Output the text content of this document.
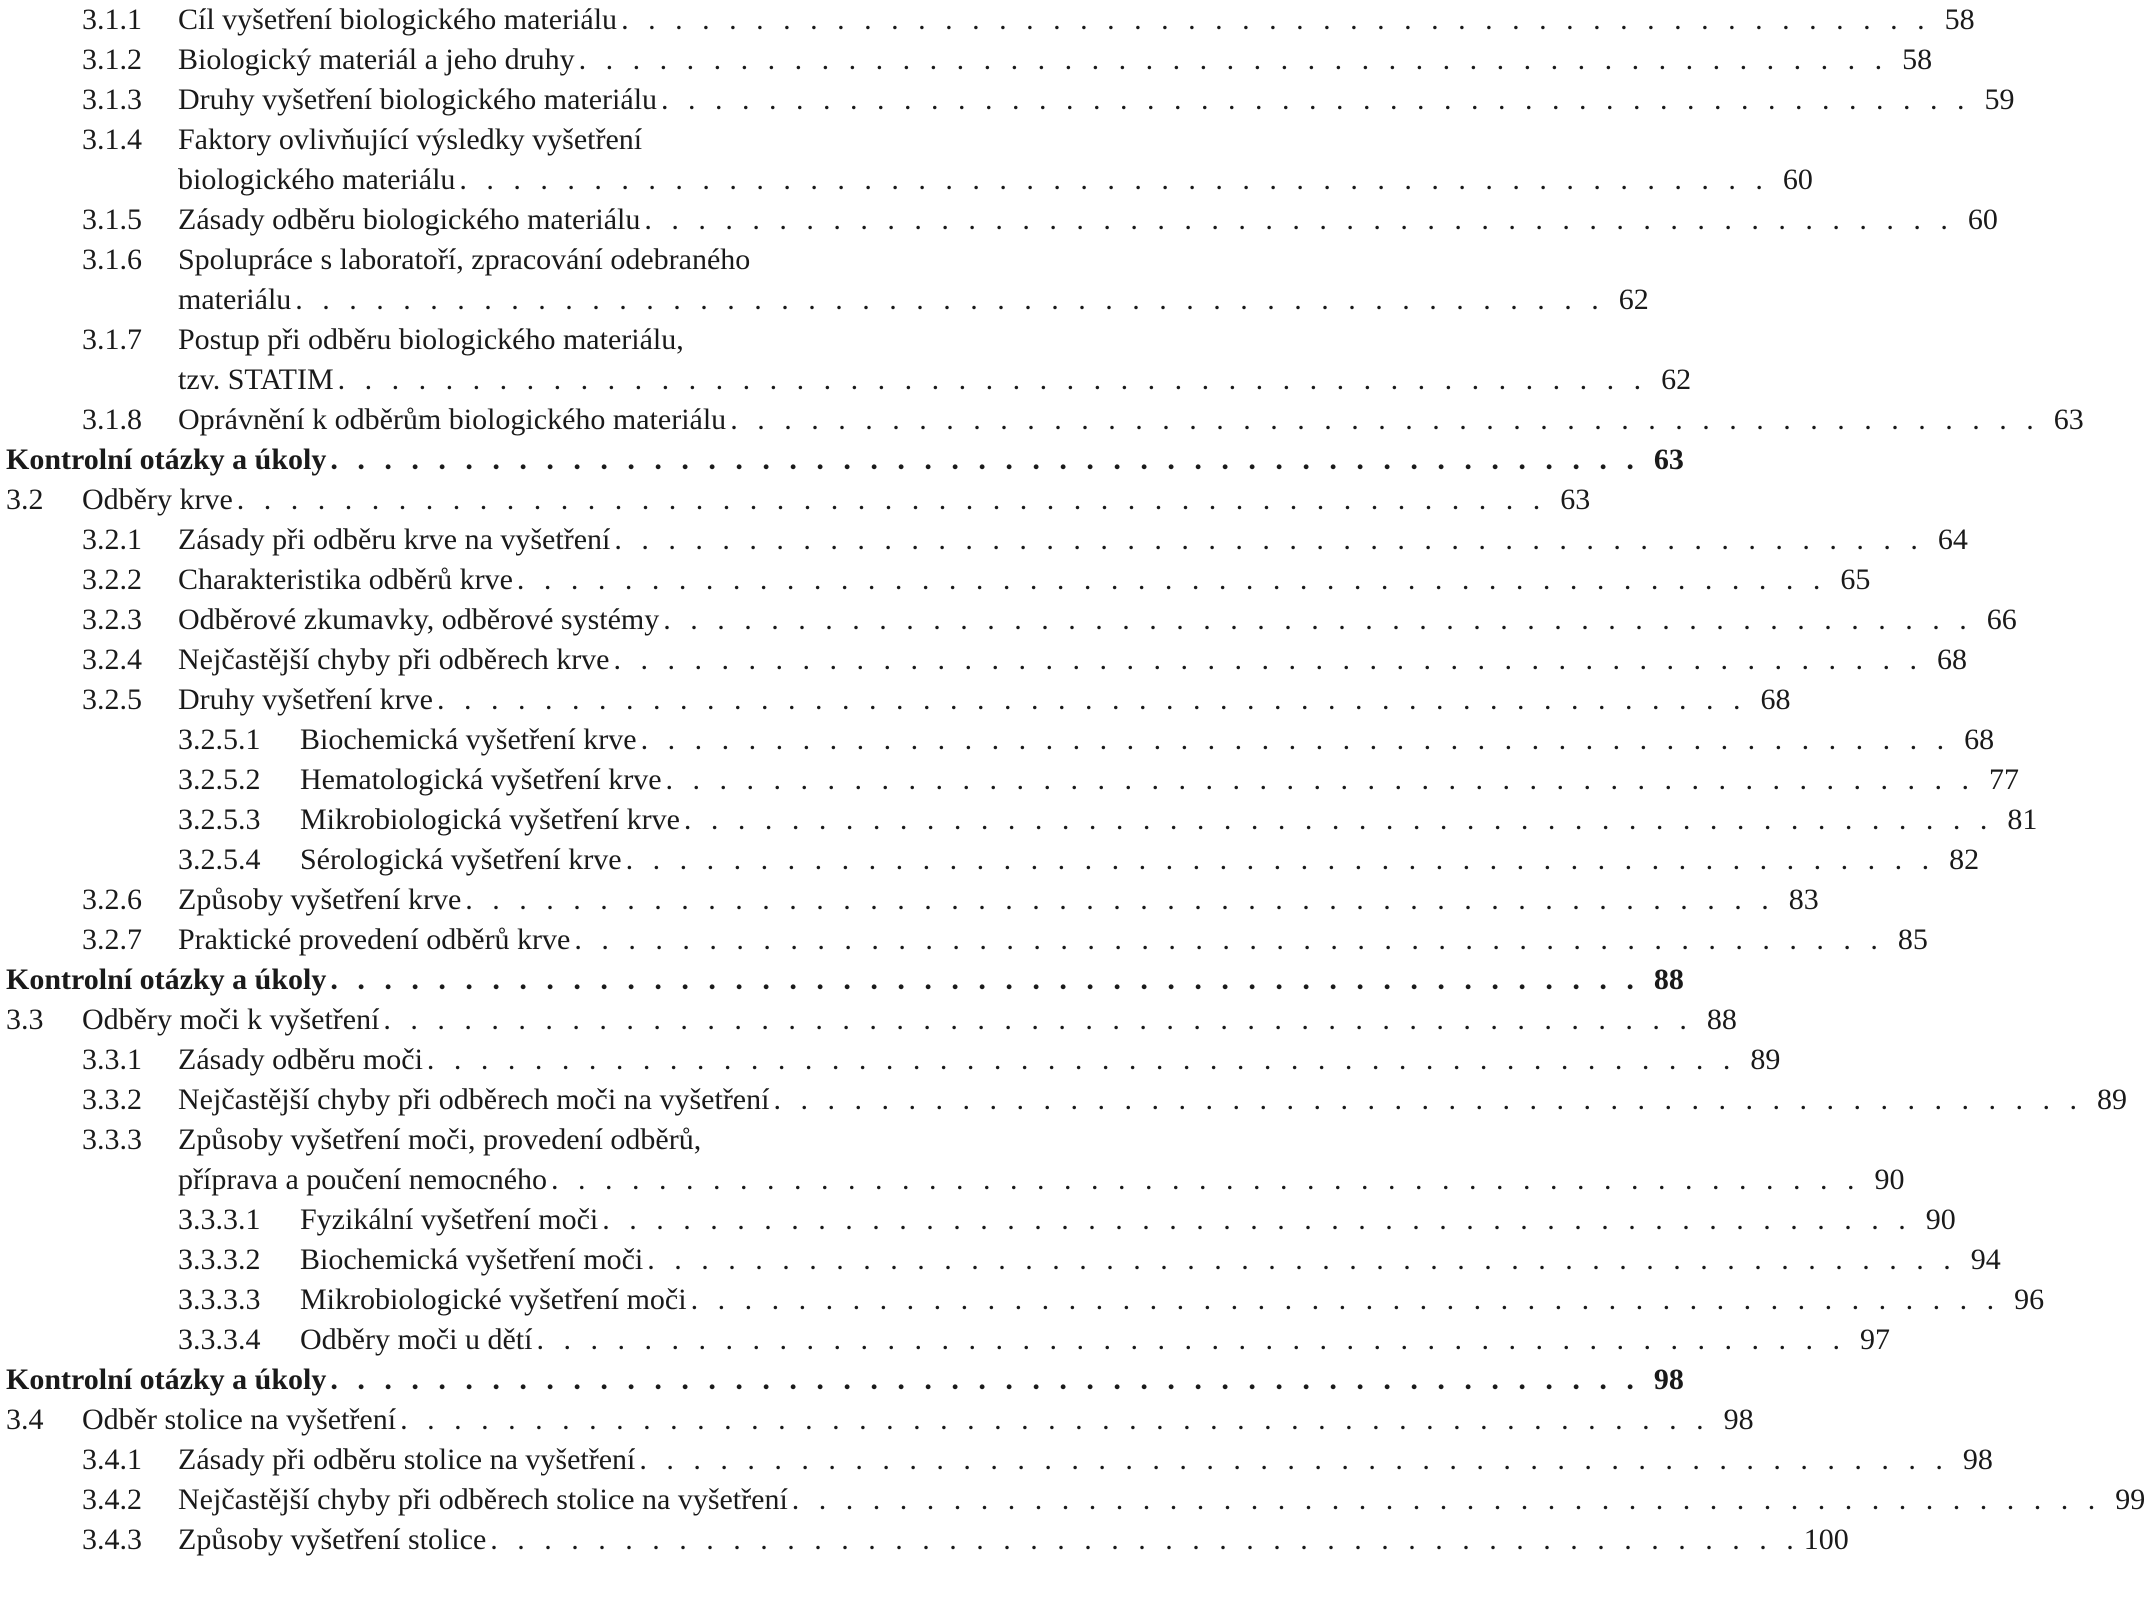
3.1.1 Cíl vyšetření biologického materiálu . . . . . . . . . . . . . . . . . . . . . . . . . . . . . . . . . . . . . . . . . . . . . . . . . 58
3.1.2 Biologický materiál a jeho druhy . . . . . . . . . . . . . . . . . . . . . . . . . . . . . . . . . . . . . . . . . . . . . . . . . 58
3.1.3 Druhy vyšetření biologického materiálu . . . . . . . . . . . . . . . . . . . . . . . . . . . . . . . . . . . . . . . . . . . . . . . . . 59
3.1.4 Faktory ovlivňující výsledky vyšetření
biologického materiálu . . . . . . . . . . . . . . . . . . . . . . . . . . . . . . . . . . . . . . . . . . . . . . . . . 60
3.1.5 Zásady odběru biologického materiálu . . . . . . . . . . . . . . . . . . . . . . . . . . . . . . . . . . . . . . . . . . . . . . . . . 60
3.1.6 Spolupráce s laboratoří, zpracování odebraného
materiálu . . . . . . . . . . . . . . . . . . . . . . . . . . . . . . . . . . . . . . . . . . . . . . . . . 62
3.1.7 Postup při odběru biologického materiálu,
tzv. STATIM . . . . . . . . . . . . . . . . . . . . . . . . . . . . . . . . . . . . . . . . . . . . . . . . . 62
3.1.8 Oprávnění k odběrům biologického materiálu . . . . . . . . . . . . . . . . . . . . . . . . . . . . . . . . . . . . . . . . . . . . . . . . . 63
Kontrolní otázky a úkoly . . . . . . . . . . . . . . . . . . . . . . . . . . . . . . . . . . . . . . . . . . . . . . . . . 63
3.2 Odběry krve . . . . . . . . . . . . . . . . . . . . . . . . . . . . . . . . . . . . . . . . . . . . . . . . . 63
3.2.1 Zásady při odběru krve na vyšetření . . . . . . . . . . . . . . . . . . . . . . . . . . . . . . . . . . . . . . . . . . . . . . . . . 64
3.2.2 Charakteristika odběrů krve . . . . . . . . . . . . . . . . . . . . . . . . . . . . . . . . . . . . . . . . . . . . . . . . . 65
3.2.3 Odběrové zkumavky, odběrové systémy . . . . . . . . . . . . . . . . . . . . . . . . . . . . . . . . . . . . . . . . . . . . . . . . . 66
3.2.4 Nejčastější chyby při odběrech krve . . . . . . . . . . . . . . . . . . . . . . . . . . . . . . . . . . . . . . . . . . . . . . . . . 68
3.2.5 Druhy vyšetření krve . . . . . . . . . . . . . . . . . . . . . . . . . . . . . . . . . . . . . . . . . . . . . . . . . 68
3.2.5.1 Biochemická vyšetření krve . . . . . . . . . . . . . . . . . . . . . . . . . . . . . . . . . . . . . . . . . . . . . . . . . 68
3.2.5.2 Hematologická vyšetření krve . . . . . . . . . . . . . . . . . . . . . . . . . . . . . . . . . . . . . . . . . . . . . . . . . 77
3.2.5.3 Mikrobiologická vyšetření krve . . . . . . . . . . . . . . . . . . . . . . . . . . . . . . . . . . . . . . . . . . . . . . . . . 81
3.2.5.4 Sérologická vyšetření krve . . . . . . . . . . . . . . . . . . . . . . . . . . . . . . . . . . . . . . . . . . . . . . . . . 82
3.2.6 Způsoby vyšetření krve . . . . . . . . . . . . . . . . . . . . . . . . . . . . . . . . . . . . . . . . . . . . . . . . . 83
3.2.7 Praktické provedení odběrů krve . . . . . . . . . . . . . . . . . . . . . . . . . . . . . . . . . . . . . . . . . . . . . . . . . 85
Kontrolní otázky a úkoly . . . . . . . . . . . . . . . . . . . . . . . . . . . . . . . . . . . . . . . . . . . . . . . . . 88
3.3 Odběry moči k vyšetření . . . . . . . . . . . . . . . . . . . . . . . . . . . . . . . . . . . . . . . . . . . . . . . . . 88
3.3.1 Zásady odběru moči . . . . . . . . . . . . . . . . . . . . . . . . . . . . . . . . . . . . . . . . . . . . . . . . . 89
3.3.2 Nejčastější chyby při odběrech moči na vyšetření . . . . . . . . . . . . . . . . . . . . . . . . . . . . . . . . . . . . . . . . . . . . . . . . . 89
3.3.3 Způsoby vyšetření moči, provedení odběrů,
příprava a poučení nemocného . . . . . . . . . . . . . . . . . . . . . . . . . . . . . . . . . . . . . . . . . . . . . . . . . 90
3.3.3.1 Fyzikální vyšetření moči . . . . . . . . . . . . . . . . . . . . . . . . . . . . . . . . . . . . . . . . . . . . . . . . . 90
3.3.3.2 Biochemická vyšetření moči . . . . . . . . . . . . . . . . . . . . . . . . . . . . . . . . . . . . . . . . . . . . . . . . . 94
3.3.3.3 Mikrobiologické vyšetření moči . . . . . . . . . . . . . . . . . . . . . . . . . . . . . . . . . . . . . . . . . . . . . . . . . 96
3.3.3.4 Odběry moči u dětí . . . . . . . . . . . . . . . . . . . . . . . . . . . . . . . . . . . . . . . . . . . . . . . . . 97
Kontrolní otázky a úkoly . . . . . . . . . . . . . . . . . . . . . . . . . . . . . . . . . . . . . . . . . . . . . . . . . 98
3.4 Odběr stolice na vyšetření . . . . . . . . . . . . . . . . . . . . . . . . . . . . . . . . . . . . . . . . . . . . . . . . . 98
3.4.1 Zásady při odběru stolice na vyšetření . . . . . . . . . . . . . . . . . . . . . . . . . . . . . . . . . . . . . . . . . . . . . . . . . 98
3.4.2 Nejčastější chyby při odběrech stolice na vyšetření . . . . . . . . . . . . . . . . . . . . . . . . . . . . . . . . . . . . . . . . . . . . . . . . . 99
3.4.3 Způsoby vyšetření stolice . . . . . . . . . . . . . . . . . . . . . . . . . . . . . . . . . . . . . . . . . . . . . . . . . 100
